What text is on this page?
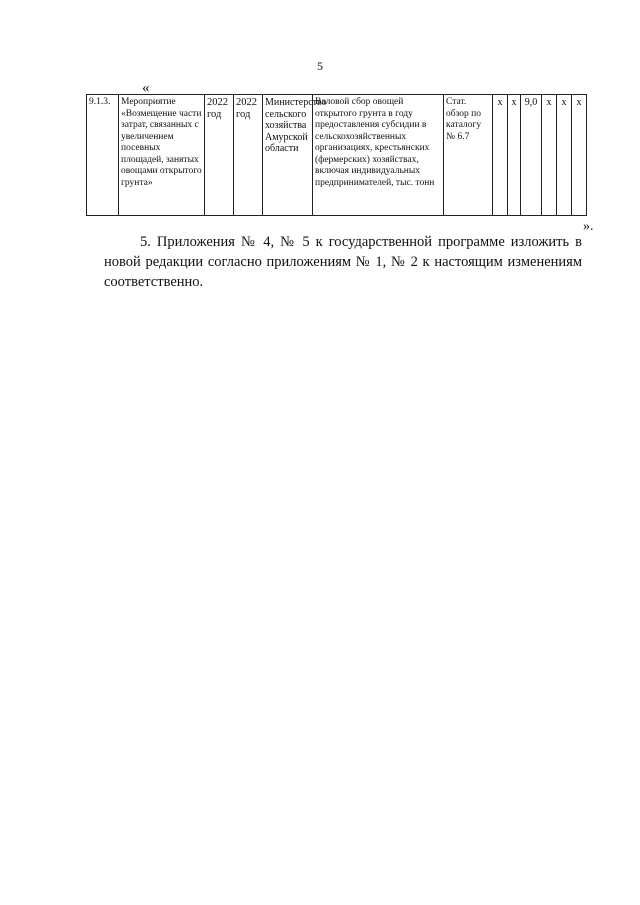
5
«
9.1.3.	Мероприятие «Возмещение части затрат, связанных с увеличением посевных площадей, занятых овощами открытого грунта»	2022 год	2022 год	Министерство сельского хозяйства Амурской области	Валовой сбор овощей открытого грунта в году предоставления субсидии в сельскохозяйственных организациях, крестьянских (фермерских) хозяйствах, включая индивидуальных предпринимателей, тыс. тонн	Стат. обзор по каталогу № 6.7	x	x	9,0	x	x	x
».

5. Приложения № 4, № 5 к государственной программе изложить в новой редакции согласно приложениям № 1, № 2 к настоящим изменениям соответственно.
